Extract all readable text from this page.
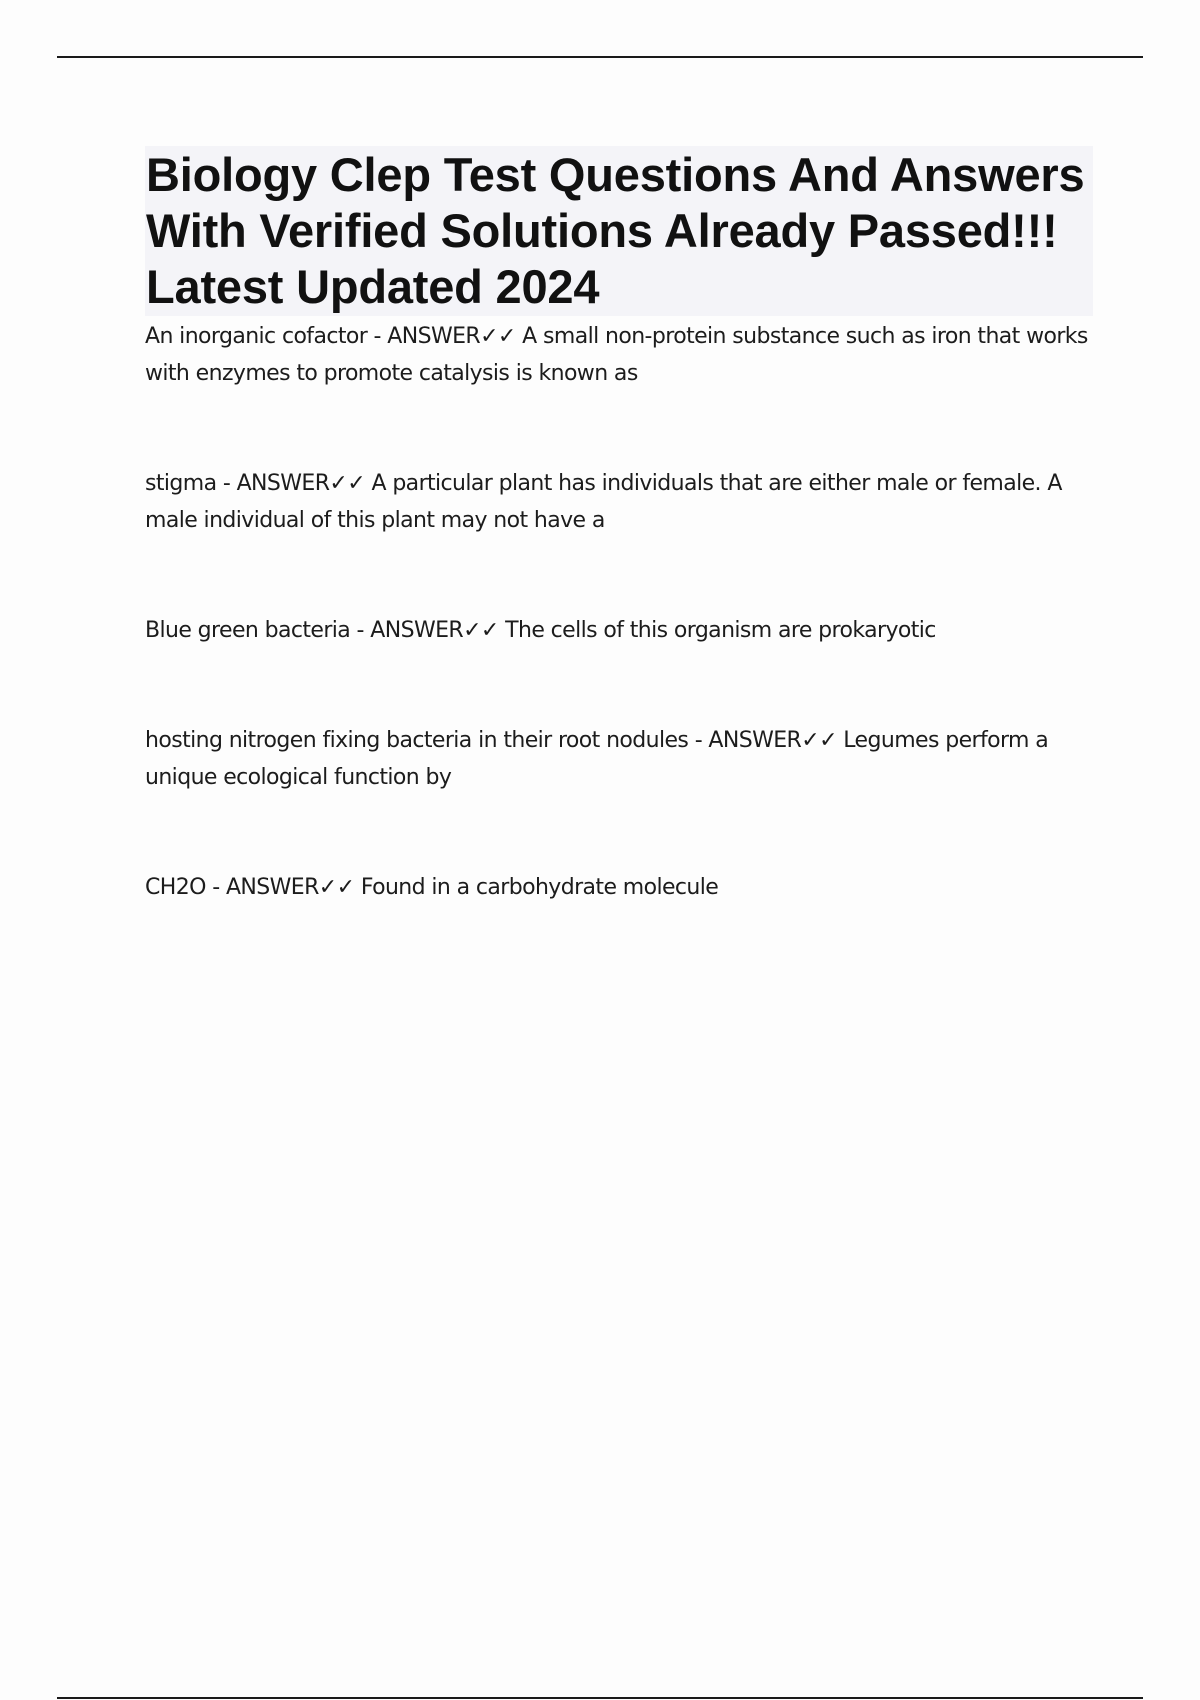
Biology Clep Test Questions And Answers With Verified Solutions Already Passed!!! Latest Updated 2024
An inorganic cofactor - ANSWER✓✓ A small non-protein substance such as iron that works with enzymes to promote catalysis is known as
stigma - ANSWER✓✓ A particular plant has individuals that are either male or female. A male individual of this plant may not have a
Blue green bacteria - ANSWER✓✓ The cells of this organism are prokaryotic
hosting nitrogen fixing bacteria in their root nodules - ANSWER✓✓ Legumes perform a unique ecological function by
CH2O - ANSWER✓✓ Found in a carbohydrate molecule
